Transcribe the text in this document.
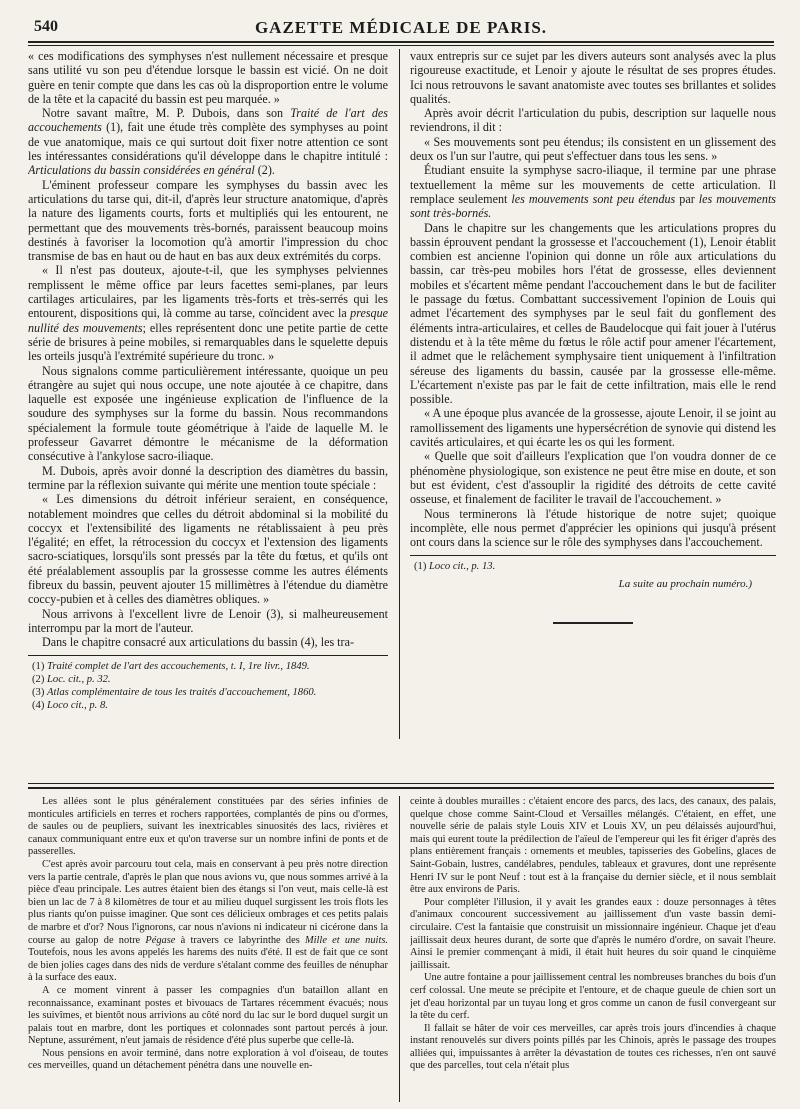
540	GAZETTE MÉDICALE DE PARIS.

« ces modifications des symphyses n'est nullement nécessaire et presque sans utilité vu son peu d'étendue lorsque le bassin est vicié. On ne doit guère en tenir compte que dans les cas où la disproportion entre le volume de la tête et la capacité du bassin est peu marquée. »

Notre savant maître, M. P. Dubois, dans son Traité de l'art des accouchements (1), fait une étude très complète des symphyses au point de vue anatomique, mais ce qui surtout doit fixer notre attention ce sont les intéressantes considérations qu'il développe dans le chapitre intitulé : Articulations du bassin considérées en général (2).

L'éminent professeur compare les symphyses du bassin avec les articulations du tarse qui, dit-il, d'après leur structure anatomique, d'après la nature des ligaments courts, forts et multipliés qui les entourent, ne permettant que des mouvements très-bornés, paraissent beaucoup moins destinés à favoriser la locomotion qu'à amortir l'impression du choc transmise de bas en haut ou de haut en bas aux deux extrémités du corps.

« Il n'est pas douteux, ajoute-t-il, que les symphyses pelviennes remplissent le même office par leurs facettes semi-planes, par leurs cartilages articulaires, par les ligaments très-forts et très-serrés qui les entourent, dispositions qui, là comme au tarse, coïncident avec la presque nullité des mouvements; elles représentent donc une petite partie de cette série de brisures à peine mobiles, si remarquables dans le squelette depuis les orteils jusqu'à l'extrémité supérieure du tronc. »

Nous signalons comme particulièrement intéressante, quoique un peu étrangère au sujet qui nous occupe, une note ajoutée à ce chapitre, dans laquelle est exposée une ingénieuse explication de l'influence de la soudure des symphyses sur la forme du bassin. Nous recommandons spécialement la formule toute géométrique à l'aide de laquelle M. le professeur Gavarret démontre le mécanisme de la déformation consécutive à l'ankylose sacro-iliaque.

M. Dubois, après avoir donné la description des diamètres du bassin, termine par la réflexion suivante qui mérite une mention toute spéciale :

« Les dimensions du détroit inférieur seraient, en conséquence, notablement moindres que celles du détroit abdominal si la mobilité du coccyx et l'extensibilité des ligaments ne rétablissaient à peu près l'égalité; en effet, la rétrocession du coccyx et l'extension des ligaments sacro-sciatiques, lorsqu'ils sont pressés par la tête du fœtus, et qu'ils ont été préalablement assouplis par la grossesse comme les autres éléments fibreux du bassin, peuvent ajouter 15 millimètres à l'étendue du diamètre coccy-pubien et à celles des diamètres obliques. »

Nous arrivons à l'excellent livre de Lenoir (3), si malheureusement interrompu par la mort de l'auteur.

Dans le chapitre consacré aux articulations du bassin (4), les tra-

(1) Traité complet de l'art des accouchements, t. I, 1re livr., 1849.
(2) Loc. cit., p. 32.
(3) Atlas complémentaire de tous les traités d'accouchement, 1860.
(4) Loco cit., p. 8.

vaux entrepris sur ce sujet par les divers auteurs sont analysés avec la plus rigoureuse exactitude, et Lenoir y ajoute le résultat de ses propres études. Ici nous retrouvons le savant anatomiste avec toutes ses brillantes et solides qualités.

Après avoir décrit l'articulation du pubis, description sur laquelle nous reviendrons, il dit :

« Ses mouvements sont peu étendus; ils consistent en un glissement des deux os l'un sur l'autre, qui peut s'effectuer dans tous les sens. »

Étudiant ensuite la symphyse sacro-iliaque, il termine par une phrase textuellement la même sur les mouvements de cette articulation. Il remplace seulement les mouvements sont peu étendus par les mouvements sont très-bornés.

Dans le chapitre sur les changements que les articulations propres du bassin éprouvent pendant la grossesse et l'accouchement (1), Lenoir établit combien est ancienne l'opinion qui donne un rôle aux articulations du bassin, car très-peu mobiles hors l'état de grossesse, elles deviennent mobiles et s'écartent même pendant l'accouchement dans le but de faciliter le passage du fœtus. Combattant successivement l'opinion de Louis qui admet l'écartement des symphyses par le seul fait du gonflement des éléments intra-articulaires, et celles de Baudelocque qui fait jouer à l'utérus distendu et à la tête même du fœtus le rôle actif pour amener l'écartement, il admet que le relâchement symphysaire tient uniquement à l'infiltration séreuse des ligaments du bassin, causée par la grossesse elle-même. L'écartement n'existe pas par le fait de cette infiltration, mais elle le rend possible.

« A une époque plus avancée de la grossesse, ajoute Lenoir, il se joint au ramollissement des ligaments une hypersécrétion de synovie qui distend les cavités articulaires, et qui écarte les os qui les forment.

« Quelle que soit d'ailleurs l'explication que l'on voudra donner de ce phénomène physiologique, son existence ne peut être mise en doute, et son but est évident, c'est d'assouplir la rigidité des détroits de cette cavité osseuse, et finalement de faciliter le travail de l'accouchement. »

Nous terminerons là l'étude historique de notre sujet; quoique incomplète, elle nous permet d'apprécier les opinions qui jusqu'à présent ont cours dans la science sur le rôle des symphyses dans l'accouchement.

(1) Loco cit., p. 13.
La suite au prochain numéro.)

Les allées sont le plus généralement constituées par des séries infinies de monticules artificiels en terres et rochers rapportées, complantés de pins ou d'ormes, de saules ou de peupliers, suivant les inextricables sinuosités des lacs, rivières et canaux communiquant entre eux et qu'on traverse sur un nombre infini de ponts et de passerelles.

C'est après avoir parcouru tout cela, mais en conservant à peu près notre direction vers la partie centrale, d'après le plan que nous avions vu, que nous sommes arrivé à la pièce d'eau principale. Les autres étaient bien des étangs si l'on veut, mais celle-là est bien un lac de 7 à 8 kilomètres de tour et au milieu duquel surgissent les trois flots les plus riants qu'on puisse imaginer. Que sont ces délicieux ombrages et ces petits palais de marbre et d'or? Nous l'ignorons, car nous n'avions ni indicateur ni cicérone dans la course au galop de notre Pégase à travers ce labyrinthe des Mille et une nuits. Toutefois, nous les avons appelés les harems des nuits d'été. Il est de fait que ce sont de bien jolies cages dans des nids de verdure s'étalant comme des feuilles de nénuphar à la surface des eaux.

A ce moment vinrent à passer les compagnies d'un bataillon allant en reconnaissance, examinant postes et bivouacs de Tartares récemment évacués; nous les suivîmes, et bientôt nous arrivions au côté nord du lac sur le bord duquel surgit un palais tout en marbre, dont les portiques et colonnades sont partout percés à jour. Neptune, assurément, n'eut jamais de résidence d'été plus superbe que celle-là.

Nous pensions en avoir terminé, dans notre exploration à vol d'oiseau, de toutes ces merveilles, quand un détachement pénétra dans une nouvelle en-

ceinte à doubles murailles : c'étaient encore des parcs, des lacs, des canaux, des palais, quelque chose comme Saint-Cloud et Versailles mélangés. C'étaient, en effet, une nouvelle série de palais style Louis XIV et Louis XV, un peu délaissés aujourd'hui, mais qui eurent toute la prédilection de l'aïeul de l'empereur qui les fit ériger d'après des plans entièrement français : ornements et meubles, tapisseries des Gobelins, glaces de Saint-Gobain, lustres, candélabres, pendules, tableaux et gravures, dont une représente Henri IV sur le pont Neuf : tout est à la française du dernier siècle, et il nous semblait être aux environs de Paris.

Pour compléter l'illusion, il y avait les grandes eaux : douze personnages à têtes d'animaux concourent successivement au jaillissement d'un vaste bassin demi-circulaire. C'est la fantaisie que construisit un missionnaire ingénieur. Chaque jet d'eau jaillissait deux heures durant, de sorte que d'après le numéro d'ordre, on savait l'heure. Ainsi le premier commençant à midi, il était huit heures du soir quand le cinquième jaillissait.

Une autre fontaine a pour jaillissement central les nombreuses branches du bois d'un cerf colossal. Une meute se précipite et l'entoure, et de chaque gueule de chien sort un jet d'eau horizontal par un tuyau long et gros comme un canon de fusil convergeant sur la tête du cerf.

Il fallait se hâter de voir ces merveilles, car après trois jours d'incendies à chaque instant renouvelés sur divers points pillés par les Chinois, après le passage des troupes alliées qui, impuissantes à arrêter la dévastation de toutes ces richesses, n'en ont sauvé que des parcelles, tout cela n'était plus
